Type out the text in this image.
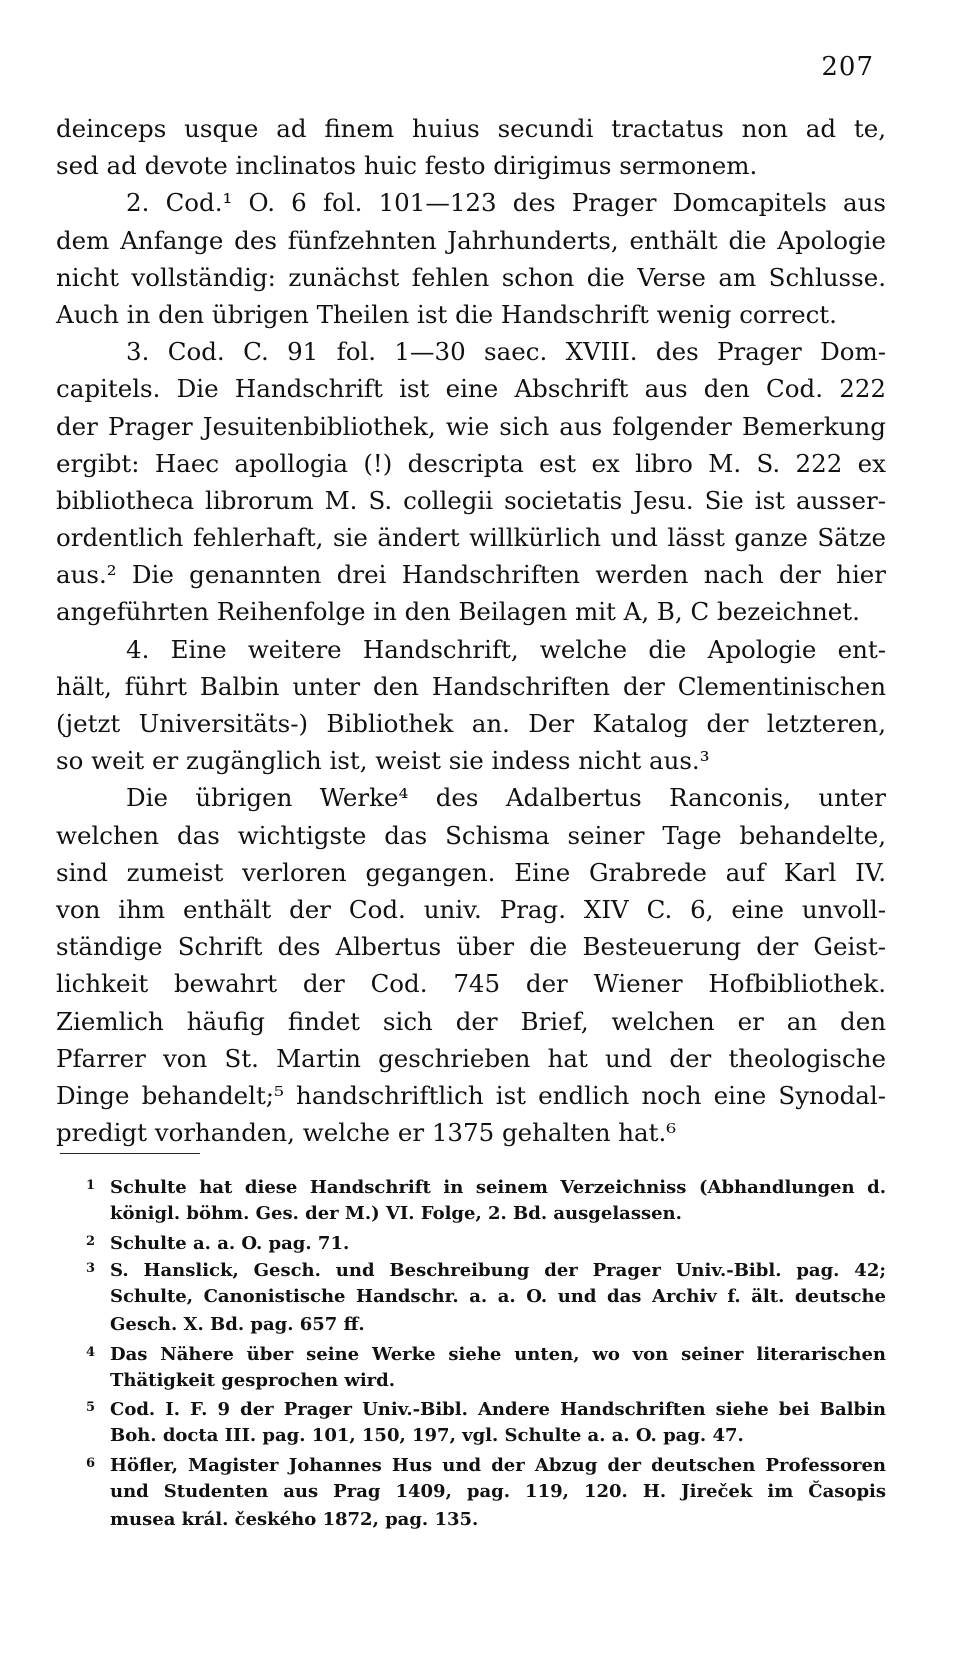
207
deinceps usque ad finem huius secundi tractatus non ad te,
sed ad devote inclinatos huic festo dirigimus sermonem.
2. Cod.¹ O. 6 fol. 101—123 des Prager Domcapitels aus
dem Anfange des fünfzehnten Jahrhunderts, enthält die Apologie
nicht vollständig: zunächst fehlen schon die Verse am Schlusse.
Auch in den übrigen Theilen ist die Handschrift wenig correct.
3. Cod. C. 91 fol. 1—30 saec. XVIII. des Prager Dom-
capitels. Die Handschrift ist eine Abschrift aus den Cod. 222
der Prager Jesuitenbibliothek, wie sich aus folgender Bemerkung
ergibt: Haec apollogia (!) descripta est ex libro M. S. 222 ex
bibliotheca librorum M. S. collegii societatis Jesu. Sie ist ausser-
ordentlich fehlerhaft, sie ändert willkürlich und lässt ganze Sätze
aus.² Die genannten drei Handschriften werden nach der hier
angeführten Reihenfolge in den Beilagen mit A, B, C bezeichnet.
4. Eine weitere Handschrift, welche die Apologie ent-
hält, führt Balbin unter den Handschriften der Clementinischen
(jetzt Universitäts-) Bibliothek an. Der Katalog der letzteren,
so weit er zugänglich ist, weist sie indess nicht aus.³
Die übrigen Werke⁴ des Adalbertus Ranconis, unter
welchen das wichtigste das Schisma seiner Tage behandelte,
sind zumeist verloren gegangen. Eine Grabrede auf Karl IV.
von ihm enthält der Cod. univ. Prag. XIV C. 6, eine unvoll-
ständige Schrift des Albertus über die Besteuerung der Geist-
lichkeit bewahrt der Cod. 745 der Wiener Hofbibliothek.
Ziemlich häufig findet sich der Brief, welchen er an den
Pfarrer von St. Martin geschrieben hat und der theologische
Dinge behandelt;⁵ handschriftlich ist endlich noch eine Synodal-
predigt vorhanden, welche er 1375 gehalten hat.⁶
1 Schulte hat diese Handschrift in seinem Verzeichniss (Abhandlungen d.
königl. böhm. Ges. der M.) VI. Folge, 2. Bd. ausgelassen.
2 Schulte a. a. O. pag. 71.
3 S. Hanslick, Gesch. und Beschreibung der Prager Univ.-Bibl. pag. 42;
Schulte, Canonistische Handschr. a. a. O. und das Archiv f. ält. deutsche
Gesch. X. Bd. pag. 657 ff.
4 Das Nähere über seine Werke siehe unten, wo von seiner literarischen
Thätigkeit gesprochen wird.
5 Cod. I. F. 9 der Prager Univ.-Bibl. Andere Handschriften siehe bei Balbin
Boh. docta III. pag. 101, 150, 197, vgl. Schulte a. a. O. pag. 47.
6 Höfler, Magister Johannes Hus und der Abzug der deutschen Professoren
und Studenten aus Prag 1409, pag. 119, 120. H. Jireček im Časopis
musea král. českého 1872, pag. 135.
